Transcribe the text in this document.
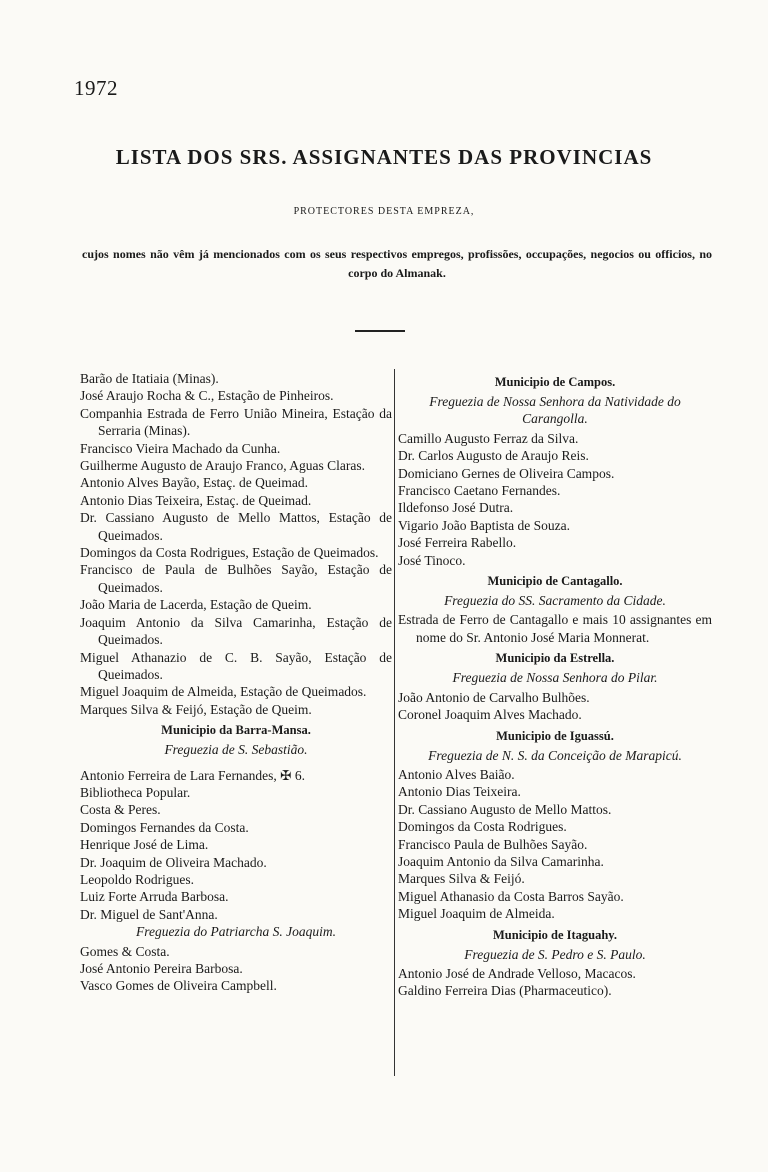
1972
LISTA DOS SRS. ASSIGNANTES DAS PROVINCIAS
PROTECTORES DESTA EMPREZA,
cujos nomes não vêm já mencionados com os seus respectivos empregos, profissões, occupações, negocios ou officios, no corpo do Almanak.
Barão de Itatiaia (Minas).
José Araujo Rocha & C., Estação de Pinheiros.
Companhia Estrada de Ferro União Mineira, Estação da Serraria (Minas).
Francisco Vieira Machado da Cunha.
Guilherme Augusto de Araujo Franco, Aguas Claras.
Antonio Alves Bayão, Estaç. de Queimad.
Antonio Dias Teixeira, Estaç. de Queimad.
Dr. Cassiano Augusto de Mello Mattos, Estação de Queimados.
Domingos da Costa Rodrigues, Estação de Queimados.
Francisco de Paula de Bulhões Sayão, Estação de Queimados.
João Maria de Lacerda, Estação de Queim.
Joaquim Antonio da Silva Camarinha, Estação de Queimados.
Miguel Athanazio de C. B. Sayão, Estação de Queimados.
Miguel Joaquim de Almeida, Estação de Queimados.
Marques Silva & Feijó, Estação de Queim.
Municipio da Barra-Mansa.
Freguezia de S. Sebastião.
Antonio Ferreira de Lara Fernandes, ✠ 6.
Bibliotheca Popular.
Costa & Peres.
Domingos Fernandes da Costa.
Henrique José de Lima.
Dr. Joaquim de Oliveira Machado.
Leopoldo Rodrigues.
Luiz Forte Arruda Barbosa.
Dr. Miguel de Sant'Anna.
Freguezia do Patriarcha S. Joaquim.
Gomes & Costa.
José Antonio Pereira Barbosa.
Vasco Gomes de Oliveira Campbell.
Municipio de Campos.
Freguezia de Nossa Senhora da Natividade do Carangolla.
Camillo Augusto Ferraz da Silva.
Dr. Carlos Augusto de Araujo Reis.
Domiciano Gernes de Oliveira Campos.
Francisco Caetano Fernandes.
Ildefonso José Dutra.
Vigario João Baptista de Souza.
José Ferreira Rabello.
José Tinoco.
Municipio de Cantagallo.
Freguezia do SS. Sacramento da Cidade.
Estrada de Ferro de Cantagallo e mais 10 assignantes em nome do Sr. Antonio José Maria Monnerat.
Municipio da Estrella.
Freguezia de Nossa Senhora do Pilar.
João Antonio de Carvalho Bulhões.
Coronel Joaquim Alves Machado.
Municipio de Iguassú.
Freguezia de N. S. da Conceição de Marapicú.
Antonio Alves Baião.
Antonio Dias Teixeira.
Dr. Cassiano Augusto de Mello Mattos.
Domingos da Costa Rodrigues.
Francisco Paula de Bulhões Sayão.
Joaquim Antonio da Silva Camarinha.
Marques Silva & Feijó.
Miguel Athanasio da Costa Barros Sayão.
Miguel Joaquim de Almeida.
Municipio de Itaguahy.
Freguezia de S. Pedro e S. Paulo.
Antonio José de Andrade Velloso, Macacos.
Galdino Ferreira Dias (Pharmaceutico).
